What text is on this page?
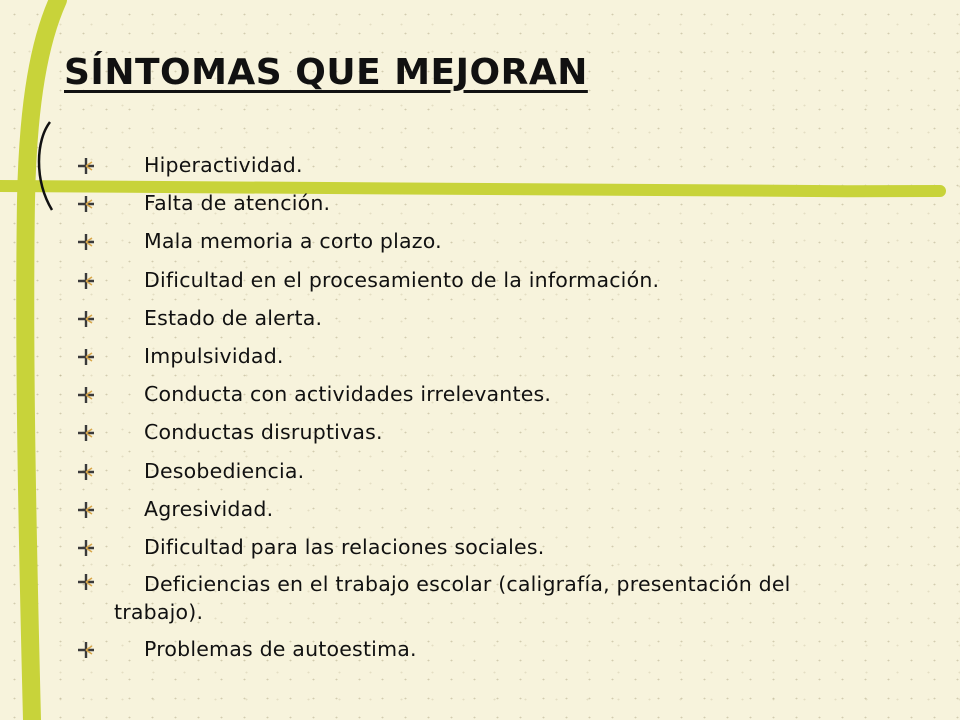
SÍNTOMAS QUE MEJORAN
Hiperactividad.
Falta de atención.
Mala memoria a corto plazo.
Dificultad en el procesamiento de la información.
Estado de alerta.
Impulsividad.
Conducta con actividades irrelevantes.
Conductas disruptivas.
Desobediencia.
Agresividad.
Dificultad para las relaciones sociales.
Deficiencias en el trabajo escolar (caligrafía, presentación del
trabajo).
Problemas de autoestima.
